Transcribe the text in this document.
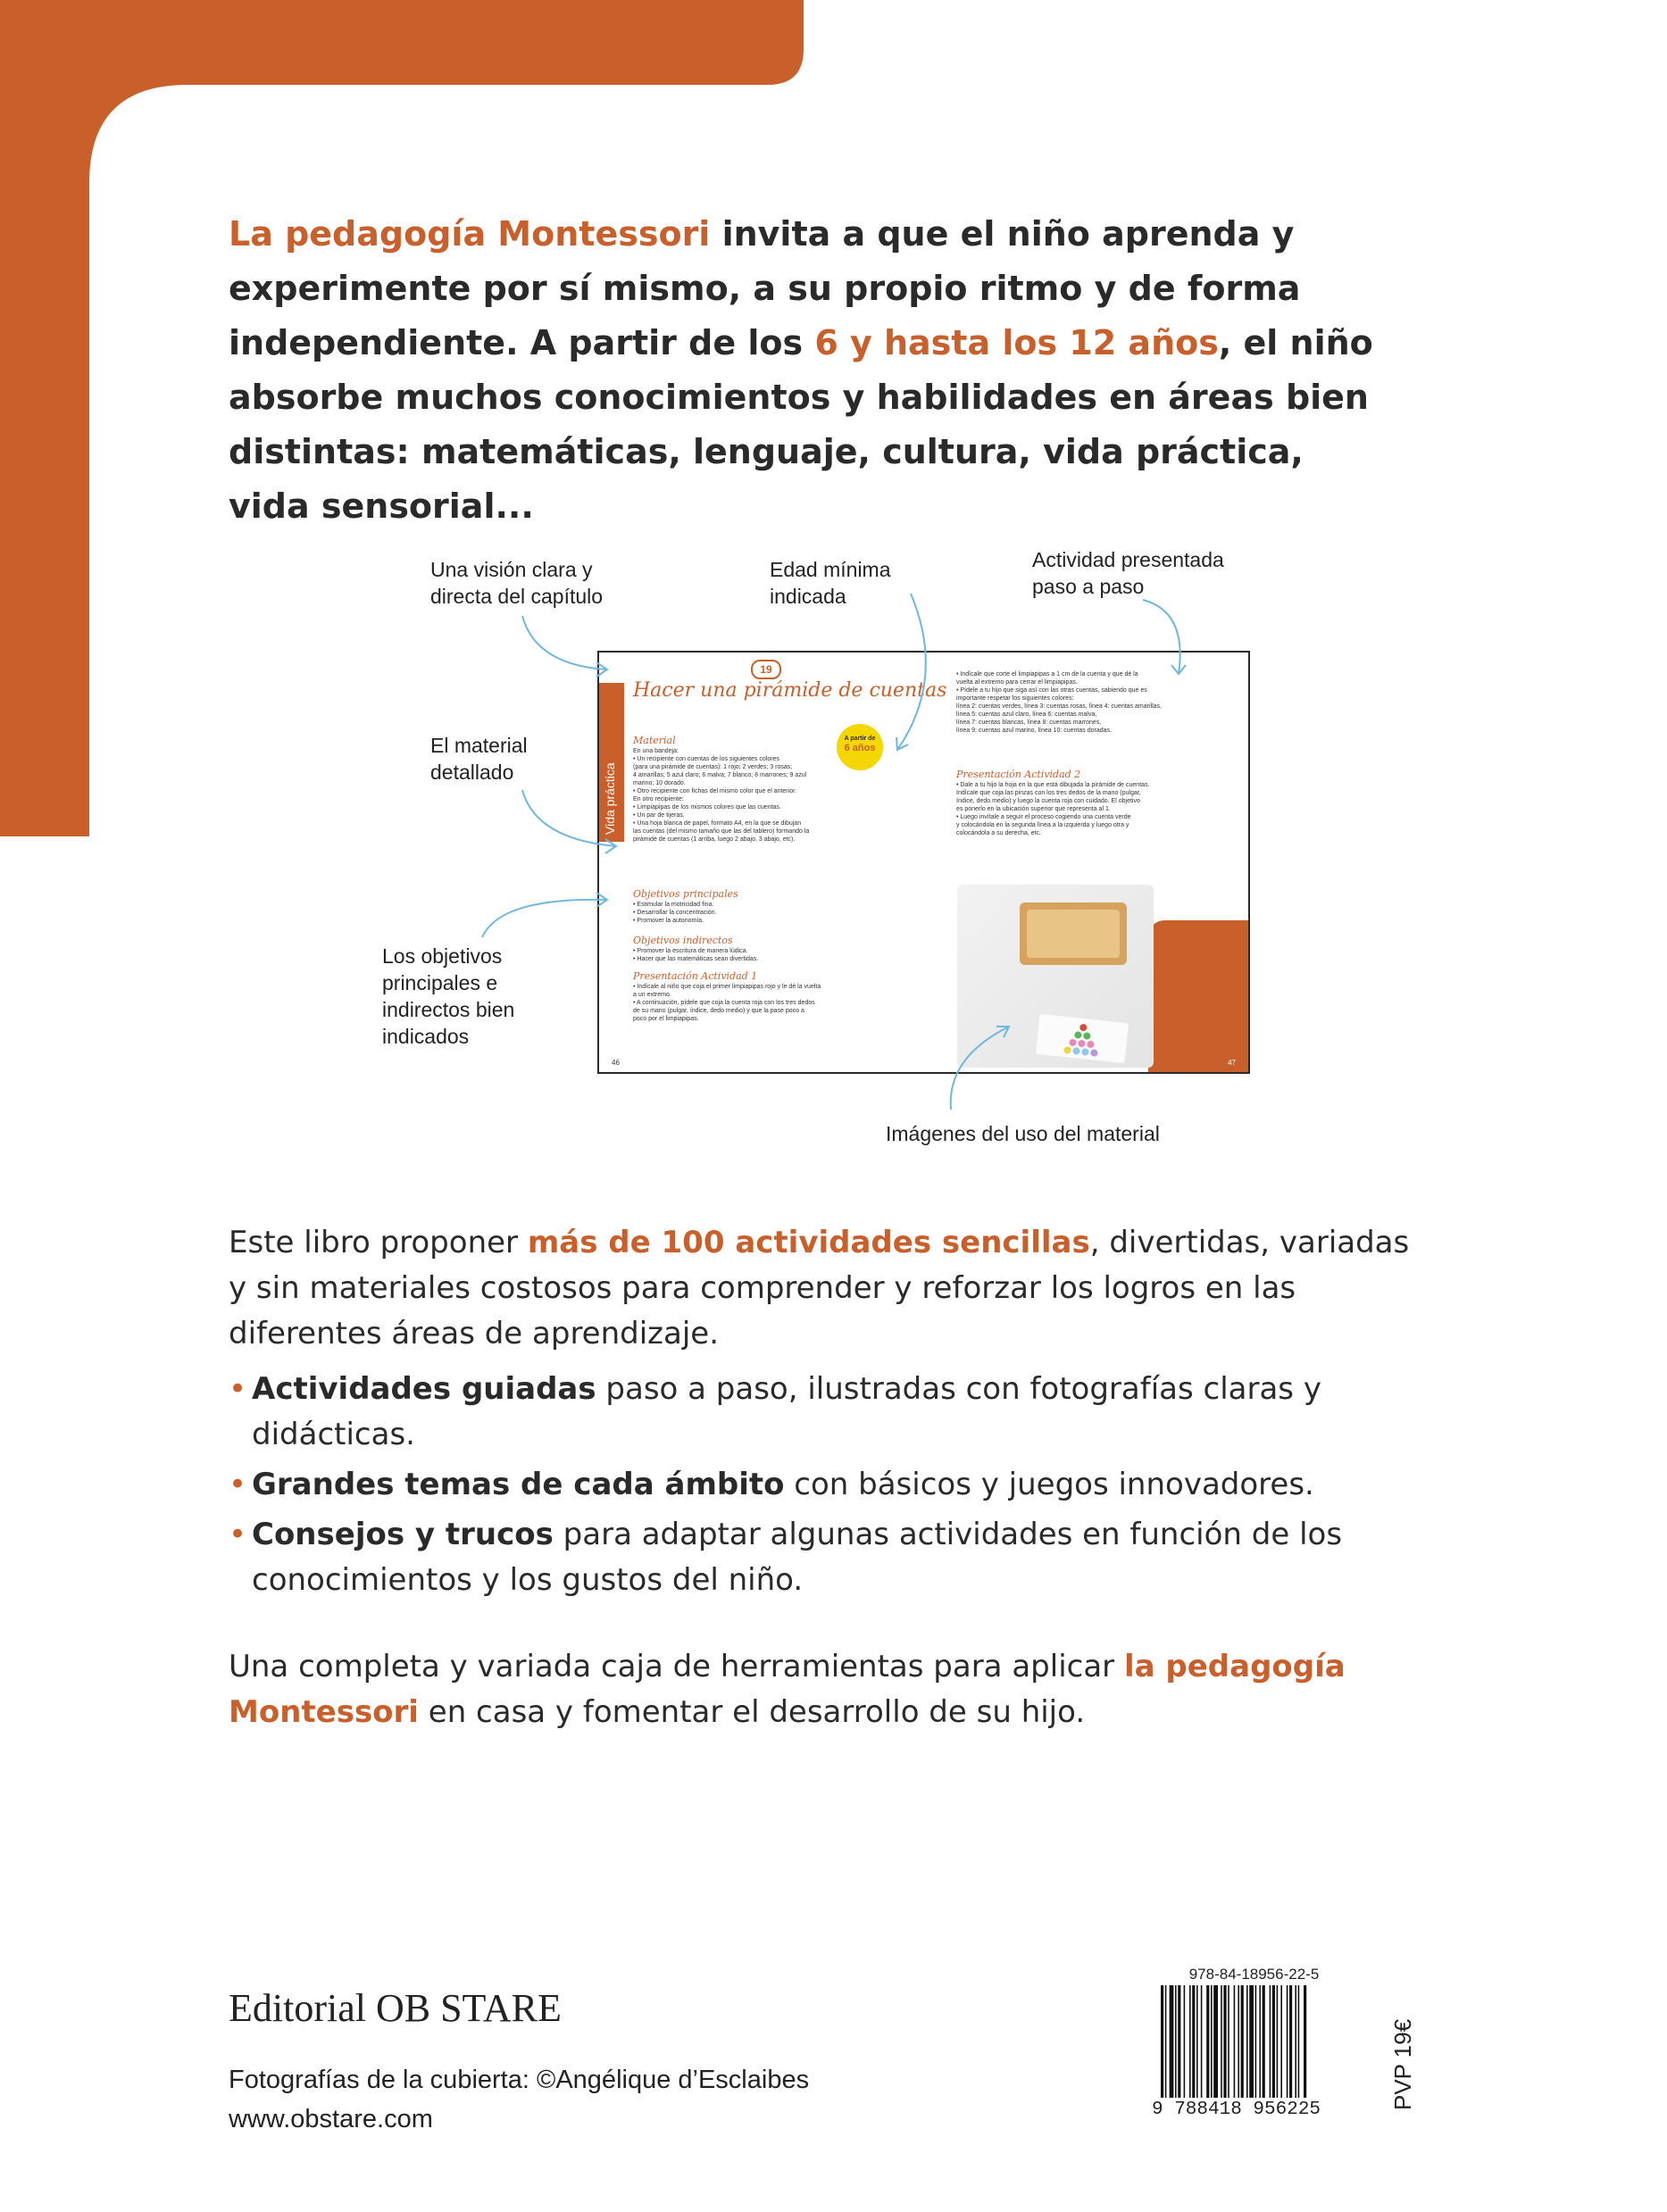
La pedagogía Montessori invita a que el niño aprenda y experimente por sí mismo, a su propio ritmo y de forma independiente. A partir de los 6 y hasta los 12 años, el niño absorbe muchos conocimientos y habilidades en áreas bien distintas: matemáticas, lenguaje, cultura, vida práctica, vida sensorial...

Una visión clara y
directa del capítulo
Edad mínima
indicada
Actividad presentada
paso a paso
El material
detallado
Los objetivos
principales e
indirectos bien
indicados
Imágenes del uso del material
Vida práctica
19
Hacer una pirámide de cuentas
A partir de
6 años
Material
En una bandeja:
• Un recipiente con cuentas de los siguientes colores
(para una pirámide de cuentas): 1 rojo; 2 verdes; 3 rosas;
4 amarillas; 5 azul claro; 6 malva; 7 blanco; 8 marrones; 9 azul
marino; 10 dorado.
• Otro recipiente con fichas del mismo color que el anterior.
En otro recipiente:
• Limpiapipas de los mismos colores que las cuentas.
• Un par de tijeras.
• Una hoja blanca de papel, formato A4, en la que se dibujan
las cuentas (del mismo tamaño que las del tablero) formando la
pirámide de cuentas (1 arriba, luego 2 abajo, 3 abajo, etc).
Objetivos principales
• Estimular la motricidad fina.
• Desarrollar la concentración.
• Promover la autonomía.
Objetivos indirectos
• Promover la escritura de manera lúdica.
• Hacer que las matemáticas sean divertidas.
Presentación Actividad 1
• Indícale al niño que coja el primer limpiapipas rojo y le dé la vuelta
a un extremo.
• A continuación, pídele que coja la cuenta roja con los tres dedos
de su mano (pulgar, índice, dedo medio) y que la pase poco a
poco por el limpiapipas.
• Indícale que corte el limpiapipas a 1 cm de la cuenta y que dé la
vuelta al extremo para cerrar el limpiapipas.
• Pídele a tu hijo que siga así con las otras cuentas, sabiendo que es
importante respetar los siguientes colores:
línea 2: cuentas verdes, línea 3: cuentas rosas, línea 4: cuentas amarillas,
línea 5: cuentas azul claro, línea 6: cuentas malva,
línea 7: cuentas blancas, línea 8: cuentas marrones,
línea 9: cuentas azul marino, línea 10: cuentas doradas.
Presentación Actividad 2
• Dale a tu hijo la hoja en la que está dibujada la pirámide de cuentas.
Indícale que coja las pinzas con los tres dedos de la mano (pulgar,
índice, dedo medio) y luego la cuenta roja con cuidado. El objetivo
es ponerlo en la ubicación superior que representa al 1.
• Luego invítale a seguir el proceso cogiendo una cuenta verde
y colocándola en la segunda línea a la izquierda y luego otra y
colocándola a su derecha, etc.
46	47

Este libro proponer más de 100 actividades sencillas, divertidas, variadas y sin materiales costosos para comprender y reforzar los logros en las diferentes áreas de aprendizaje.

• Actividades guiadas paso a paso, ilustradas con fotografías claras y didácticas.
• Grandes temas de cada ámbito con básicos y juegos innovadores.
• Consejos y trucos para adaptar algunas actividades en función de los conocimientos y los gustos del niño.

Una completa y variada caja de herramientas para aplicar la pedagogía Montessori en casa y fomentar el desarrollo de su hijo.

Editorial OB STARE
Fotografías de la cubierta: ©Angélique d’Esclaibes
www.obstare.com
978-84-18956-22-5
9 788418 956225	PVP 19€
